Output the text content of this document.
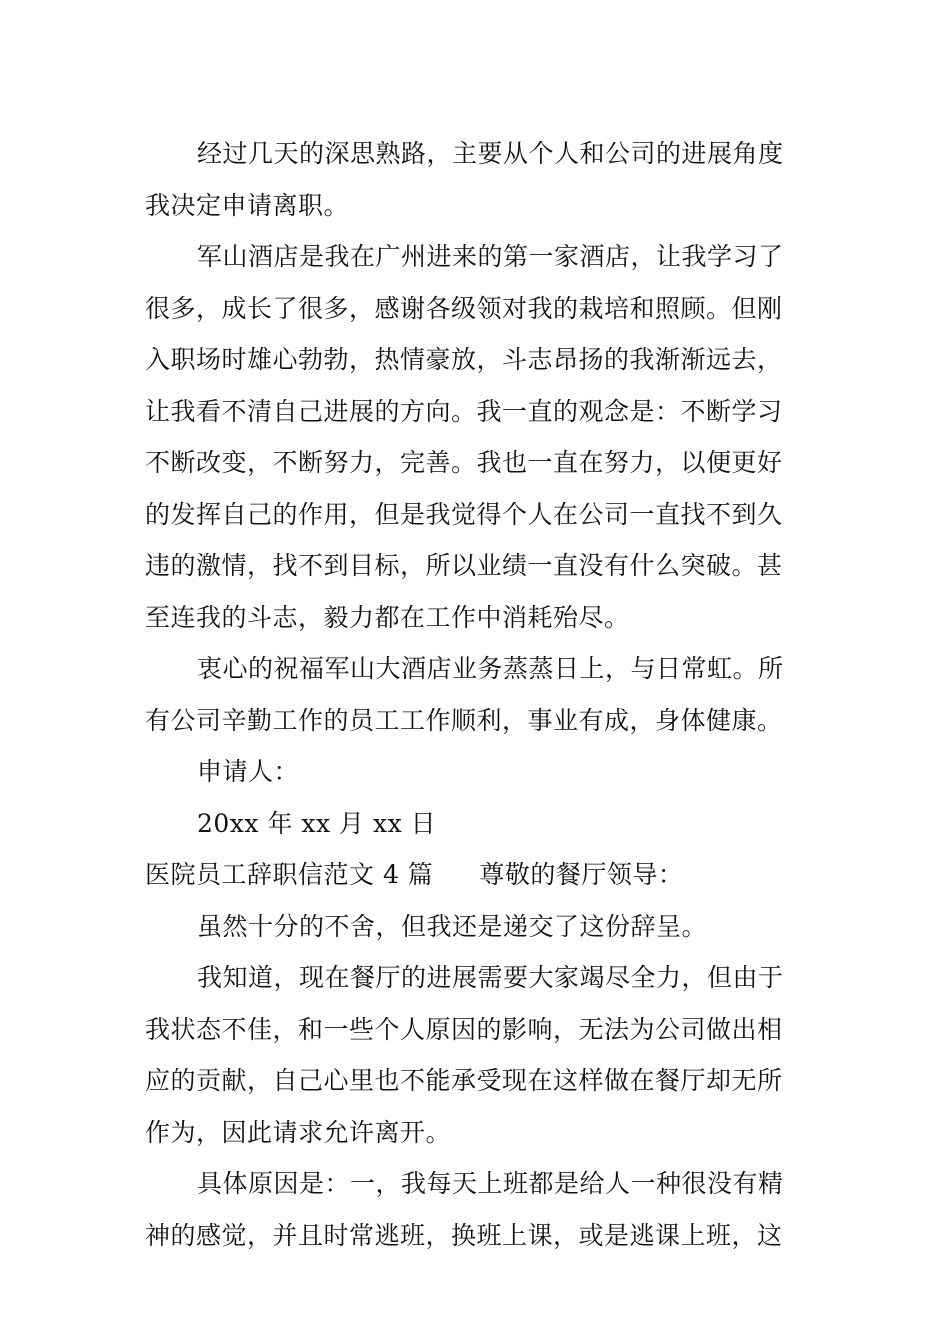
经过几天的深思熟路，主要从个人和公司的进展角度
我决定申请离职。
军山酒店是我在广州进来的第一家酒店，让我学习了
很多，成长了很多，感谢各级领对我的栽培和照顾。但刚
入职场时雄心勃勃，热情豪放，斗志昂扬的我渐渐远去，
让我看不清自己进展的方向。我一直的观念是：不断学习
不断改变，不断努力，完善。我也一直在努力，以便更好
的发挥自己的作用，但是我觉得个人在公司一直找不到久
违的激情，找不到目标，所以业绩一直没有什么突破。甚
至连我的斗志，毅力都在工作中消耗殆尽。
衷心的祝福军山大酒店业务蒸蒸日上，与日常虹。所
有公司辛勤工作的员工工作顺利，事业有成，身体健康。
申请人：
20xx 年 xx 月 xx 日
医院员工辞职信范文 4 篇 尊敬的餐厅领导：
虽然十分的不舍，但我还是递交了这份辞呈。
我知道，现在餐厅的进展需要大家竭尽全力，但由于
我状态不佳，和一些个人原因的影响，无法为公司做出相
应的贡献，自己心里也不能承受现在这样做在餐厅却无所
作为，因此请求允许离开。
具体原因是：一，我每天上班都是给人一种很没有精
神的感觉，并且时常逃班，换班上课，或是逃课上班，这
